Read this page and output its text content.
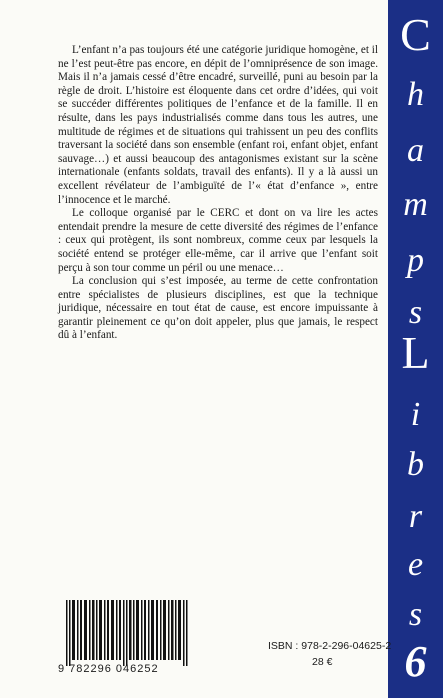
L’enfant n’a pas toujours été une catégorie juridique homogène, et il ne l’est peut-être pas encore, en dépit de l’omniprésence de son image. Mais il n’a jamais cessé d’être encadré, surveillé, puni au besoin par la règle de droit. L’histoire est éloquente dans cet ordre d’idées, qui voit se succéder différentes politiques de l’enfance et de la famille. Il en résulte, dans les pays industrialisés comme dans tous les autres, une multitude de régimes et de situations qui trahissent un peu des conflits traversant la société dans son ensemble (enfant roi, enfant objet, enfant sauvage…) et aussi beaucoup des antagonismes existant sur la scène internationale (enfants soldats, travail des enfants). Il y a là aussi un excellent révélateur de l’ambiguïté de l’« état d’enfance », entre l’innocence et le marché.

Le colloque organisé par le CERC et dont on va lire les actes entendait prendre la mesure de cette diversité des régimes de l’enfance : ceux qui protègent, ils sont nombreux, comme ceux par lesquels la société entend se protéger elle-même, car il arrive que l’enfant soit perçu à son tour comme un péril ou une menace…

La conclusion qui s’est imposée, au terme de cette confrontation entre spécialistes de plusieurs disciplines, est que la technique juridique, nécessaire en tout état de cause, est encore impuissante à garantir pleinement ce qu’on doit appeler, plus que jamais, le respect dû à l’enfant.

C
h
a
m
p
s
L
i
b
r
e
s
6
9 782296 046252
ISBN : 978-2-296-04625-2
28 €
